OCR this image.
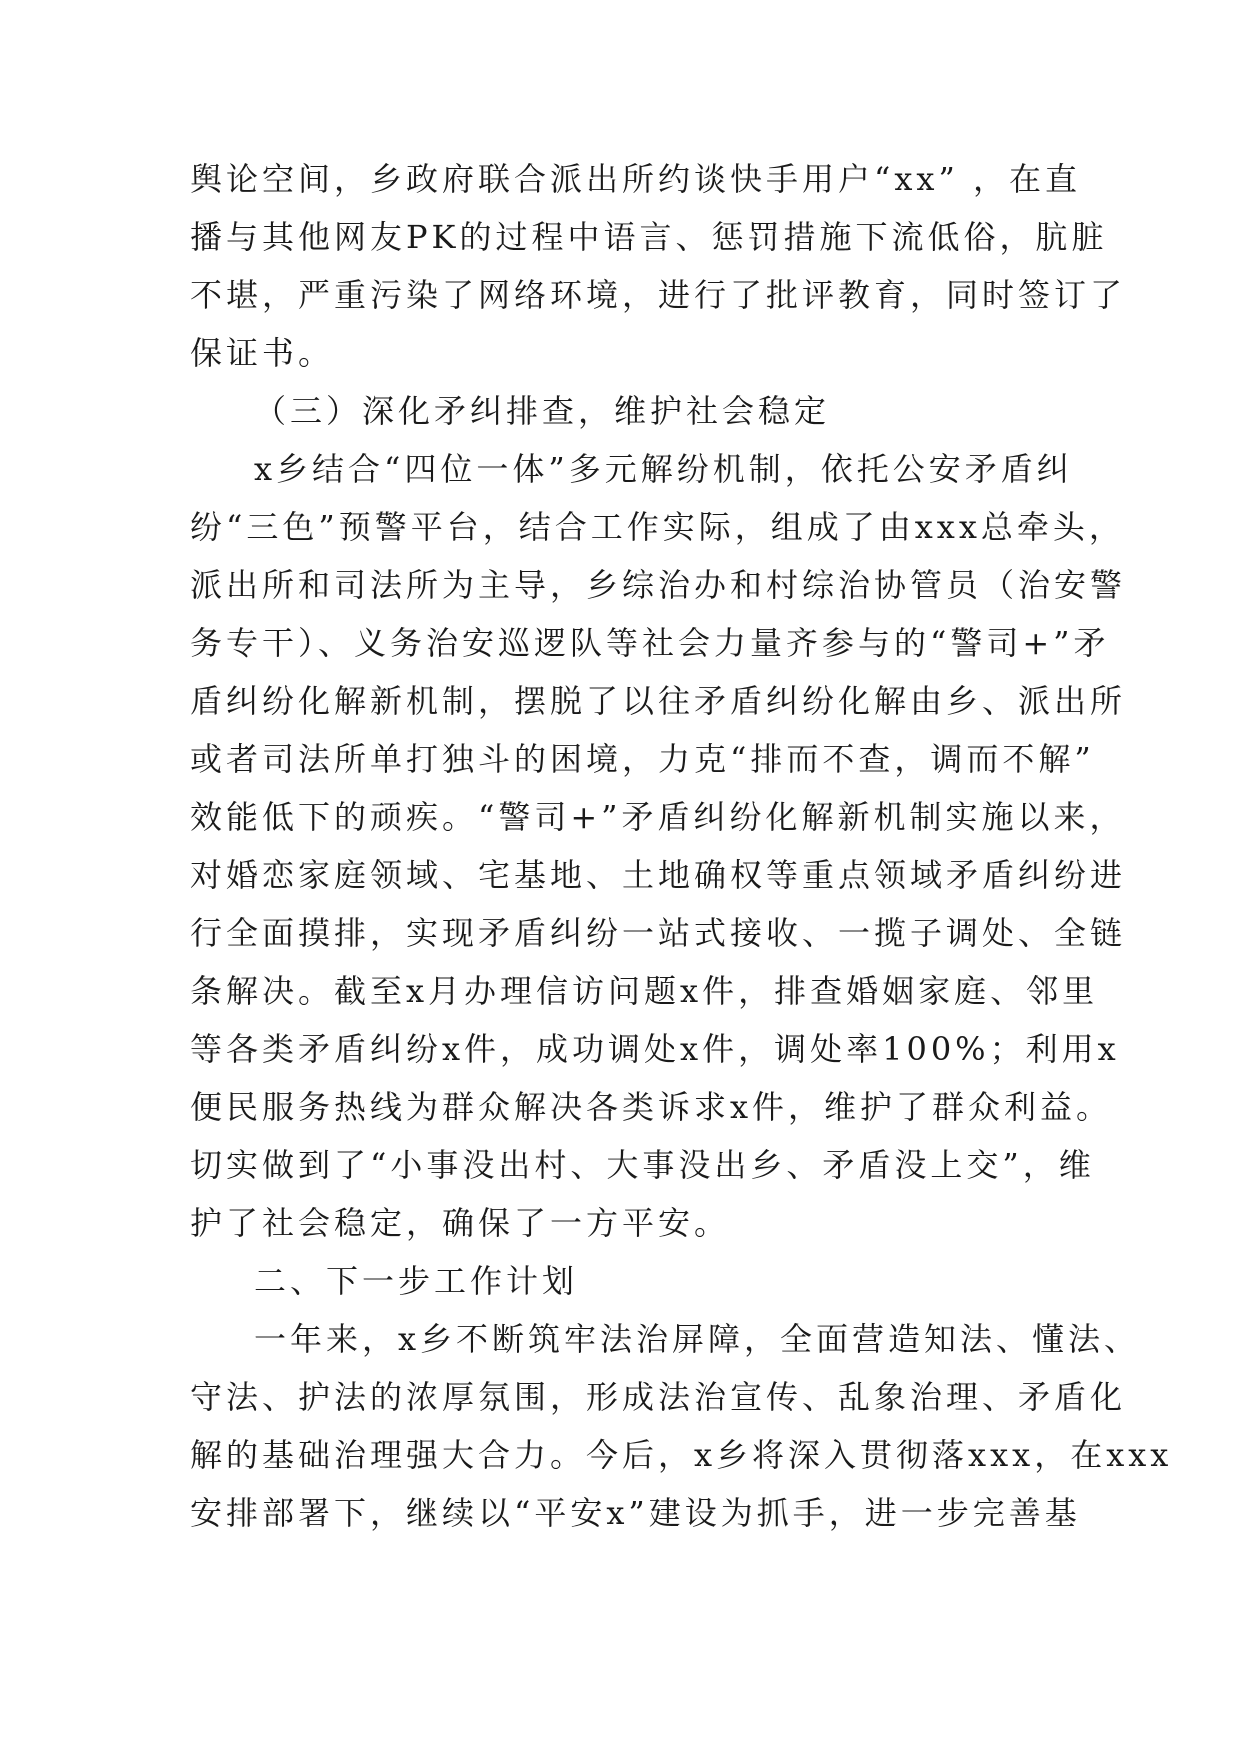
舆论空间，乡政府联合派出所约谈快手用户“xx” ，在直
播与其他网友PK的过程中语言、惩罚措施下流低俗，肮脏
不堪，严重污染了网络环境，进行了批评教育，同时签订了
保证书。
（三）深化矛纠排查，维护社会稳定
x乡结合“四位一体”多元解纷机制，依托公安矛盾纠
纷“三色”预警平台，结合工作实际，组成了由xxx总牵头，
派出所和司法所为主导，乡综治办和村综治协管员（治安警
务专干）、义务治安巡逻队等社会力量齐参与的“警司+”矛
盾纠纷化解新机制，摆脱了以往矛盾纠纷化解由乡、派出所
或者司法所单打独斗的困境，力克“排而不查，调而不解”
效能低下的顽疾。“警司+”矛盾纠纷化解新机制实施以来，
对婚恋家庭领域、宅基地、土地确权等重点领域矛盾纠纷进
行全面摸排，实现矛盾纠纷一站式接收、一揽子调处、全链
条解决。截至x月办理信访问题x件，排查婚姻家庭、邻里
等各类矛盾纠纷x件，成功调处x件，调处率100%；利用x
便民服务热线为群众解决各类诉求x件，维护了群众利益。
切实做到了“小事没出村、大事没出乡、矛盾没上交”，维
护了社会稳定，确保了一方平安。
二、下一步工作计划
一年来，x乡不断筑牢法治屏障，全面营造知法、懂法、
守法、护法的浓厚氛围，形成法治宣传、乱象治理、矛盾化
解的基础治理强大合力。今后，x乡将深入贯彻落xxx，在xxx
安排部署下，继续以“平安x”建设为抓手，进一步完善基
